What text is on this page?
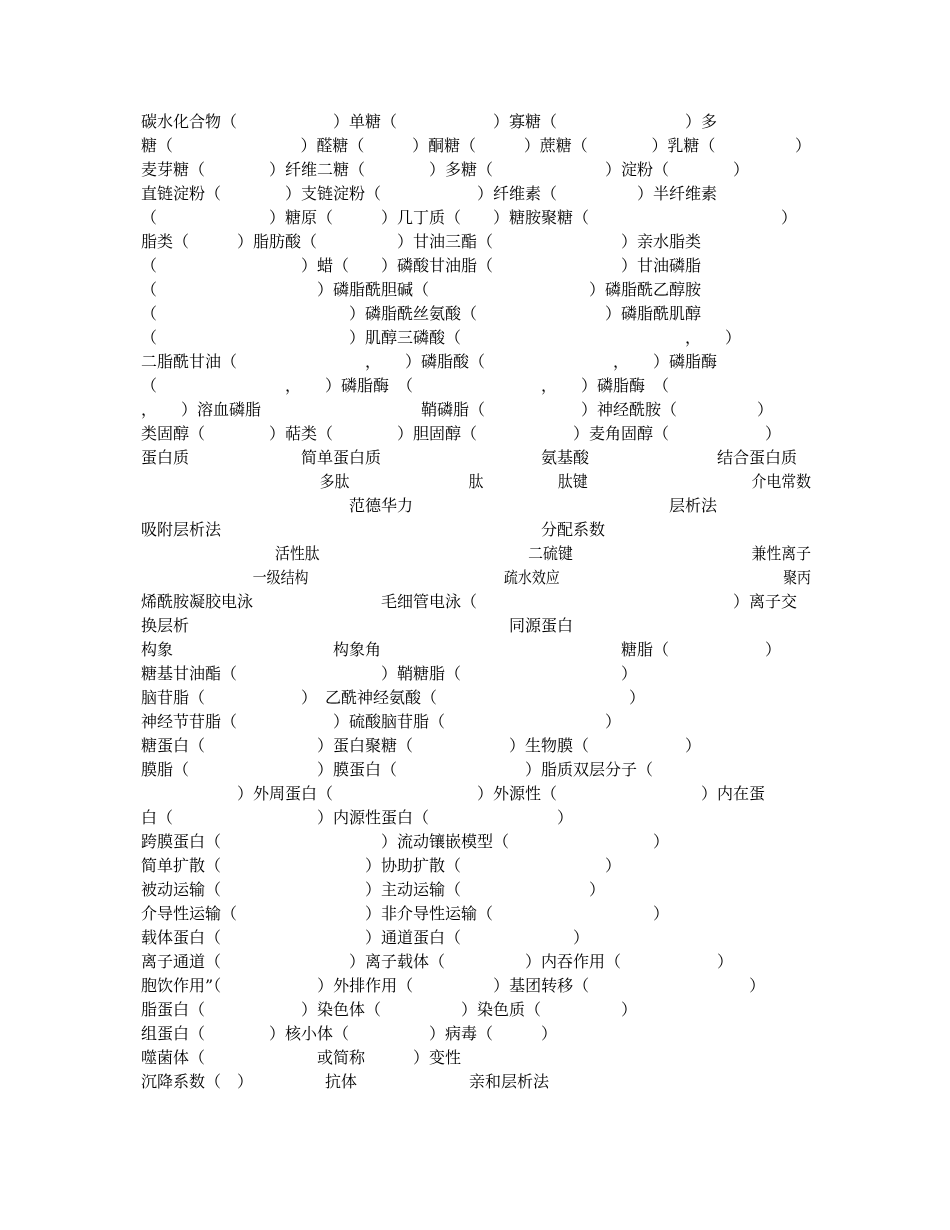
碳水化合物（　　　　　　）单糖（　　　　　　）寡糖（　　　　　　　　）多
糖（　　　　　　　　）醛糖（　　　）酮糖（　　　）蔗糖（　　　　）乳糖（　　　　　）
麦芽糖（　　　　）纤维二糖（　　　　）多糖（　　　　　　　）淀粉（　　　　）
直链淀粉（　　　　）支链淀粉（　　　　　　）纤维素（　　　　　）半纤维素
（　　　　　　　）糖原（　　　）几丁质（　　）糖胺聚糖（　　　　　　　　　　　　）
脂类（　　　）脂肪酸（　　　　　）甘油三酯（　　　　　　　　）亲水脂类
（　　　　　　　　　）蜡（　　）磷酸甘油脂（　　　　　　　　）甘油磷脂
（　　　　　　　　　　）磷脂酰胆碱（　　　　　　　　　　）磷脂酰乙醇胺
（　　　　　　　　　　　　）磷脂酰丝氨酸（　　　　　　　　）磷脂酰肌醇
（　　　　　　　　　　　　）肌醇三磷酸（　　　　　　　　　　　　　　，　　）
二脂酰甘油（　　　　　　　　，　　）磷脂酸（　　　　　　　　，　　）磷脂酶
（　　　　　　　　，　　）磷脂酶　（　　　　　　　　，　　）磷脂酶　（
，　　）溶血磷脂　　　　　　　　　　鞘磷脂（　　　　　　）神经酰胺（　　　　　）
类固醇（　　　　）萜类（　　　　）胆固醇（　　　　　　）麦角固醇（　　　　　　）
蛋白质　　　　　　　简单蛋白质　　　　　　　　　　氨基酸　　　　　　　　结合蛋白质
　　　　　　　　　　　　多肽　　　　　　　　肽　　　　　肽键　　　　　　　　　　　介电常数
　　　　　　　　　　　　　范德华力　　　　　　　　　　　　　　　　层析法
吸附层析法　　　　　　　　　　　　　　　　　　　　分配系数
　　　　　　　　　活性肽　　　　　　　　　　　　　　二硫键　　　　　　　　　　　　兼性离子
　　　　　　　　一级结构　　　　　　　　　　　　　　疏水效应　　　　　　　　　　　　　　　　聚丙
烯酰胺凝胶电泳　　　　　　　　毛细管电泳（　　　　　　　　　　　　　　　　）离子交
换层析　　　　　　　　　　　　　　　　　　　　同源蛋白
构象　　　　　　　　　　构象角　　　　　　　　　　　　　　　糖脂（　　　　　　）
糖基甘油酯（　　　　　　　　　）鞘糖脂（　　　　　　　　　　）
脑苷脂（　　　　　　）　乙酰神经氨酸（　　　　　　　　　　　　）
神经节苷脂（　　　　　　）硫酸脑苷脂（　　　　　　　　　　）
糖蛋白（　　　　　　　）蛋白聚糖（　　　　　　）生物膜（　　　　　　）
膜脂（　　　　　　　　）膜蛋白（　　　　　　　　）脂质双层分子（
　　　　　　）外周蛋白（　　　　　　　　　）外源性（　　　　　　　　　）内在蛋
白（　　　　　　　　　）内源性蛋白（　　　　　　　　）
跨膜蛋白（　　　　　　　　　　）流动镶嵌模型（　　　　　　　　　）
简单扩散（　　　　　　　　　）协助扩散（　　　　　　　　　）
被动运输（　　　　　　　　　）主动运输（　　　　　　　　）
介导性运输（　　　　　　　　）非介导性运输（　　　　　　　　　　）
载体蛋白（　　　　　　　　　）通道蛋白（　　　　　　　）
离子通道（　　　　　　　　）离子载体（　　　　　）内吞作用（　　　　　　）
胞饮作用”（　　　　　　）外排作用（　　　　　）基团转移（　　　　　　　　　　）
脂蛋白（　　　　　　）染色体（　　　　　）染色质（　　　　　）
组蛋白（　　　　）核小体（　　　　　）病毒（　　　）
噬菌体（　　　　　　　或简称　　　）变性
沉降系数（　）　　　　　抗体　　　　　　　亲和层析法
